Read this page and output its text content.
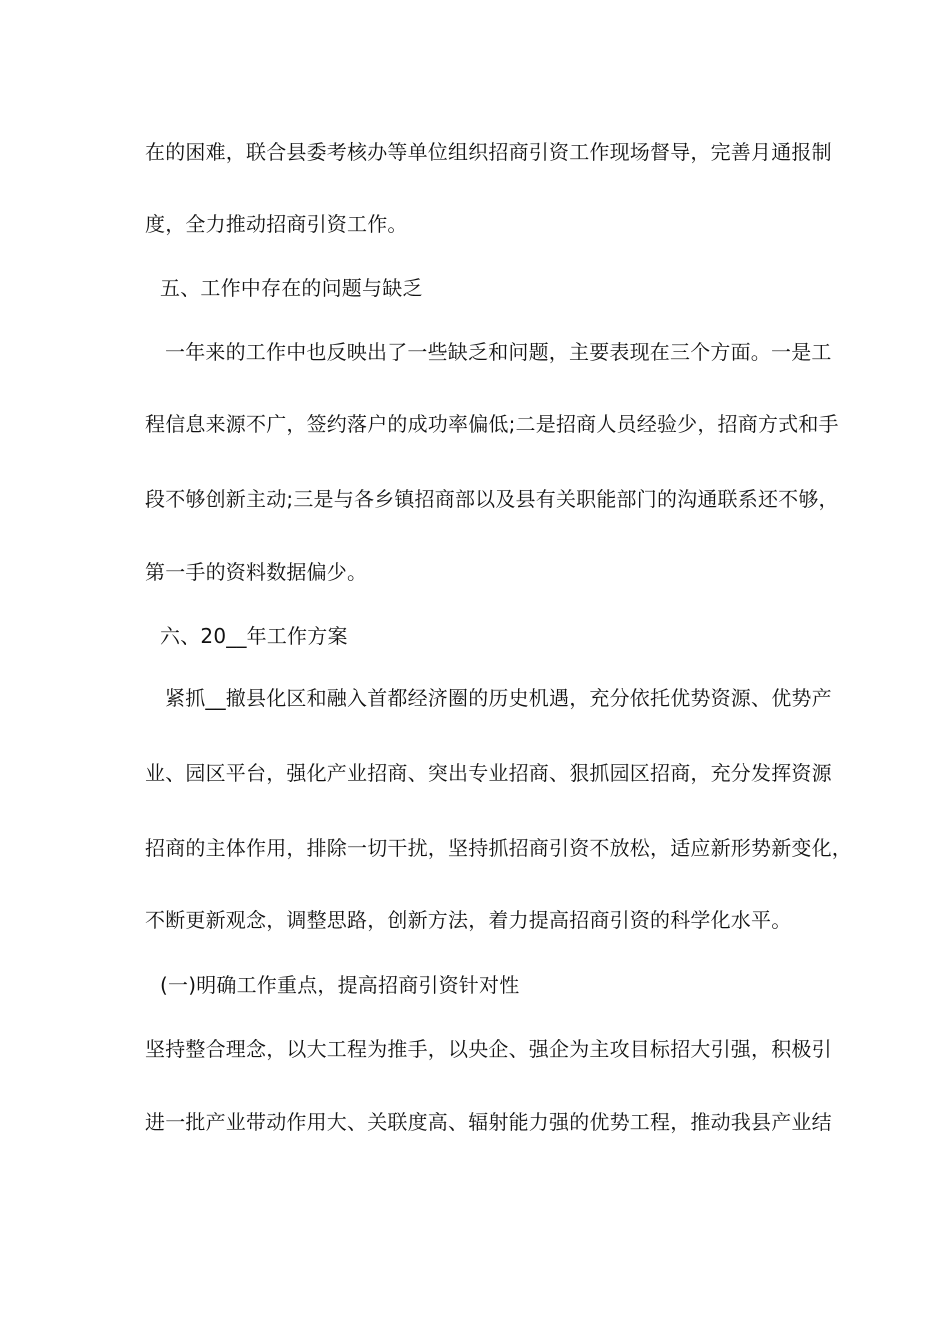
在的困难，联合县委考核办等单位组织招商引资工作现场督导，完善月通报制
度，全力推动招商引资工作。
五、工作中存在的问题与缺乏
一年来的工作中也反映出了一些缺乏和问题，主要表现在三个方面。一是工
程信息来源不广，签约落户的成功率偏低;二是招商人员经验少，招商方式和手
段不够创新主动;三是与各乡镇招商部以及县有关职能部门的沟通联系还不够，
第一手的资料数据偏少。
六、20__年工作方案
紧抓__撤县化区和融入首都经济圈的历史机遇，充分依托优势资源、优势产
业、园区平台，强化产业招商、突出专业招商、狠抓园区招商，充分发挥资源
招商的主体作用，排除一切干扰，坚持抓招商引资不放松，适应新形势新变化，
不断更新观念，调整思路，创新方法，着力提高招商引资的科学化水平。
(一)明确工作重点，提高招商引资针对性
坚持整合理念，以大工程为推手，以央企、强企为主攻目标招大引强，积极引
进一批产业带动作用大、关联度高、辐射能力强的优势工程，推动我县产业结
